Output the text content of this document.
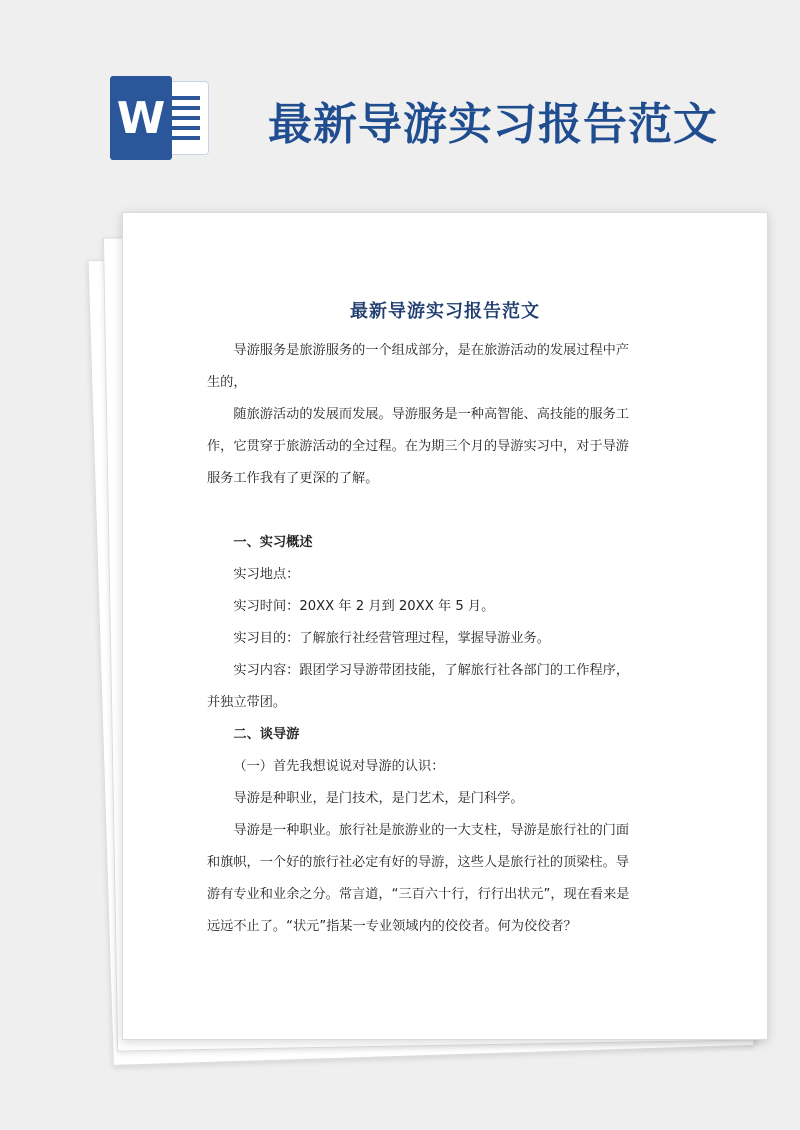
W 最新导游实习报告范文
最新导游实习报告范文

导游服务是旅游服务的一个组成部分，是在旅游活动的发展过程中产生的，

随旅游活动的发展而发展。导游服务是一种高智能、高技能的服务工作，它贯穿于旅游活动的全过程。在为期三个月的导游实习中，对于导游服务工作我有了更深的了解。

一、实习概述

实习地点：

实习时间：20XX 年 2 月到 20XX 年 5 月。

实习目的：了解旅行社经营管理过程，掌握导游业务。

实习内容：跟团学习导游带团技能，了解旅行社各部门的工作程序，并独立带团。

二、谈导游

（一）首先我想说说对导游的认识：

导游是种职业，是门技术，是门艺术，是门科学。

导游是一种职业。旅行社是旅游业的一大支柱，导游是旅行社的门面和旗帜，一个好的旅行社必定有好的导游，这些人是旅行社的顶梁柱。导游有专业和业余之分。常言道，“三百六十行，行行出状元”，现在看来是远远不止了。“状元”指某一专业领域内的佼佼者。何为佼佼者？
